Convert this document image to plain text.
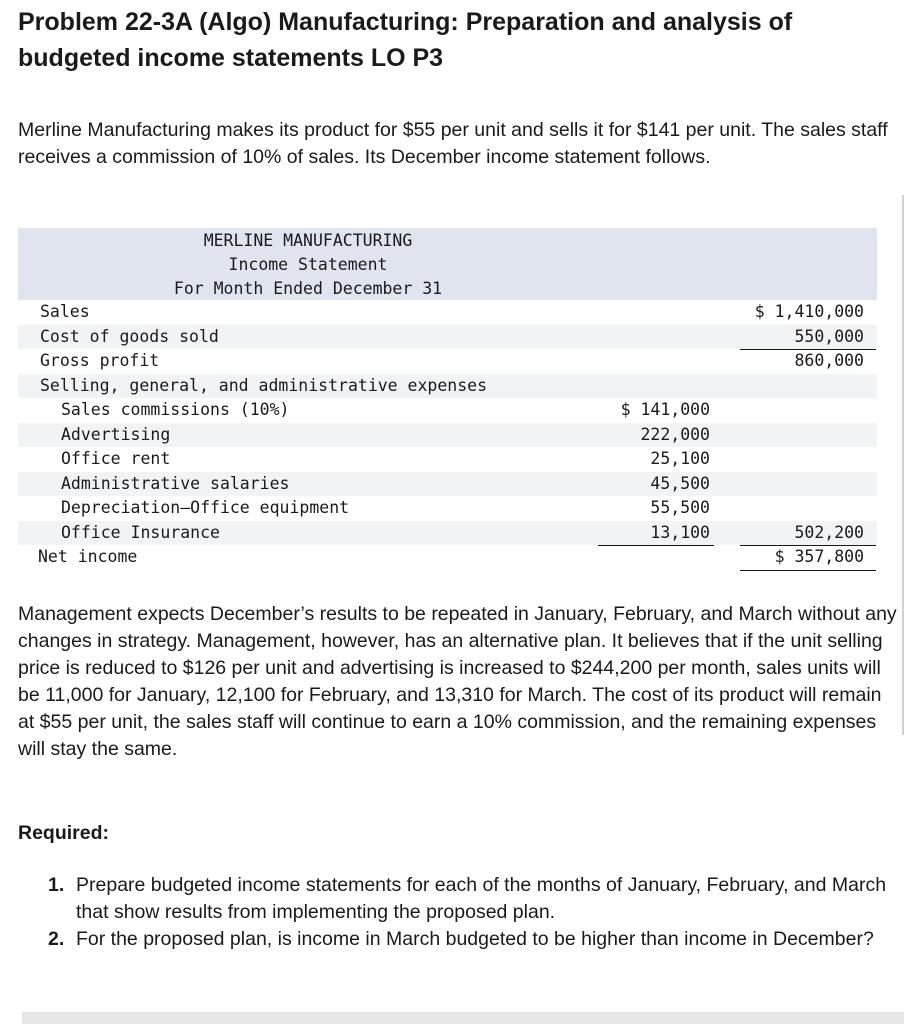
Problem 22-3A (Algo) Manufacturing: Preparation and analysis of budgeted income statements LO P3
Merline Manufacturing makes its product for $55 per unit and sells it for $141 per unit. The sales staff receives a commission of 10% of sales. Its December income statement follows.
MERLINE MANUFACTURING
Income Statement
For Month Ended December 31
Sales	$ 1,410,000
Cost of goods sold	550,000
Gross profit	860,000
Selling, general, and administrative expenses
Sales commissions (10%)	$ 141,000
Advertising	222,000
Office rent	25,100
Administrative salaries	45,500
Depreciation—Office equipment	55,500
Office Insurance	13,100	502,200
Net income	$ 357,800
Management expects December’s results to be repeated in January, February, and March without any changes in strategy. Management, however, has an alternative plan. It believes that if the unit selling price is reduced to $126 per unit and advertising is increased to $244,200 per month, sales units will be 11,000 for January, 12,100 for February, and 13,310 for March. The cost of its product will remain at $55 per unit, the sales staff will continue to earn a 10% commission, and the remaining expenses will stay the same.
Required:
1. Prepare budgeted income statements for each of the months of January, February, and March that show results from implementing the proposed plan.
2. For the proposed plan, is income in March budgeted to be higher than income in December?
